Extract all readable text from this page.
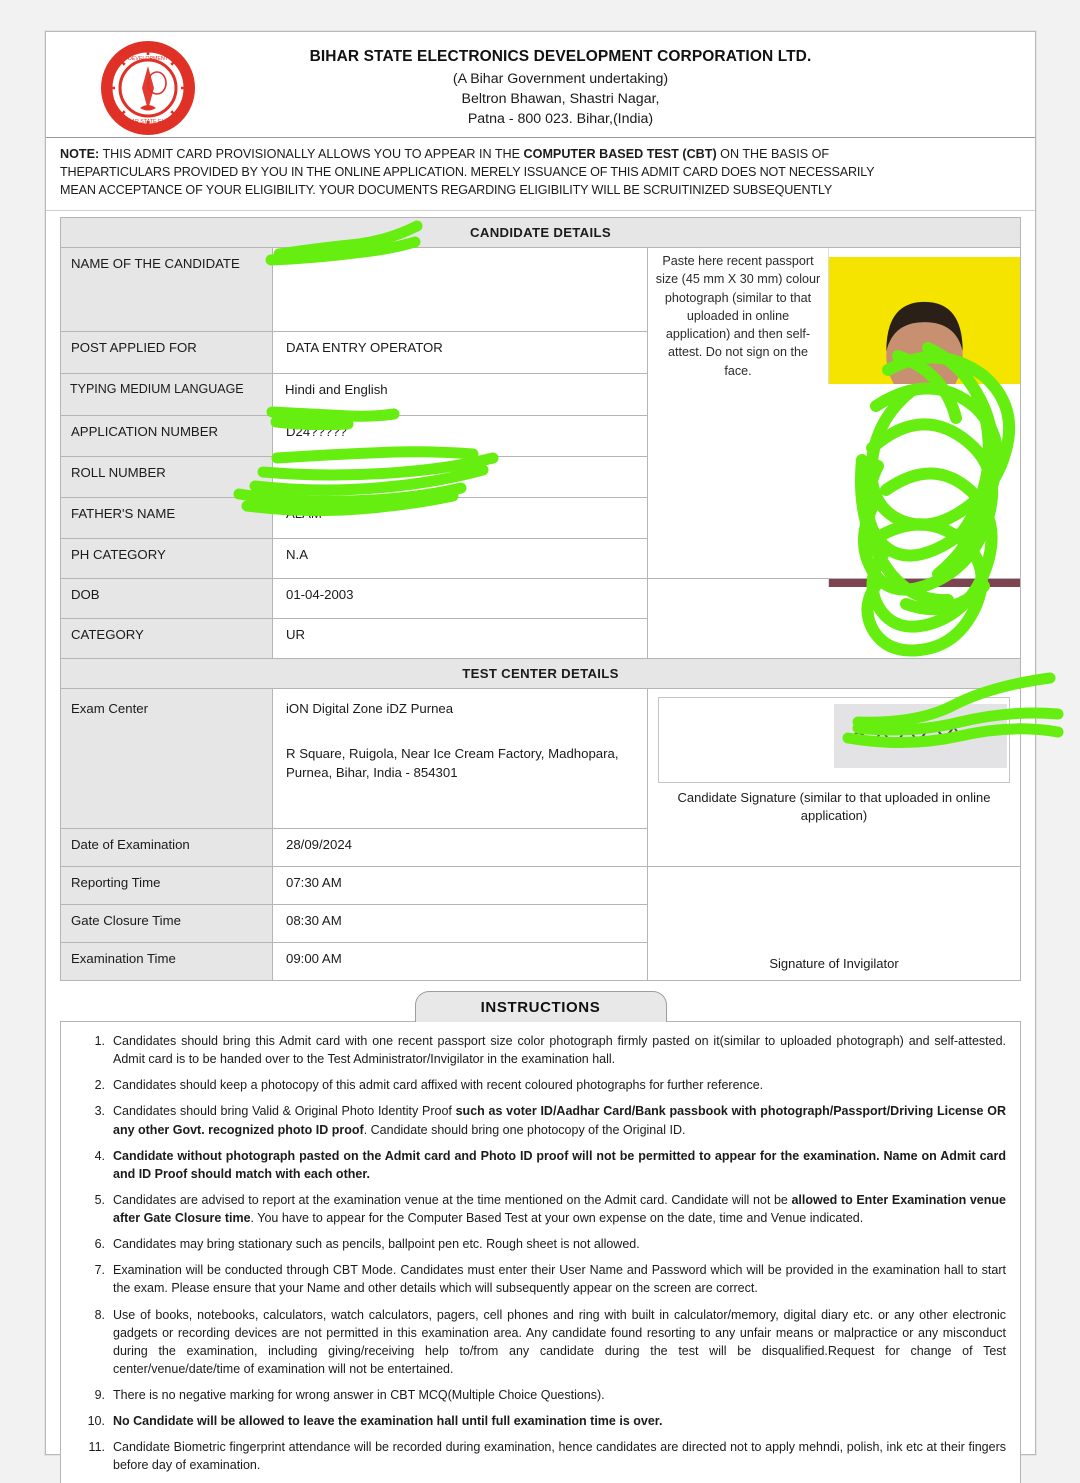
DEVELOPMENT
BIHAR STATE ELEC.
BIHAR STATE ELECTRONICS DEVELOPMENT CORPORATION LTD.
(A Bihar Government undertaking)
Beltron Bhawan, Shastri Nagar,
Patna - 800 023. Bihar,(India)
NOTE: THIS ADMIT CARD PROVISIONALLY ALLOWS YOU TO APPEAR IN THE COMPUTER BASED TEST (CBT) ON THE BASIS OF
THEPARTICULARS PROVIDED BY YOU IN THE ONLINE APPLICATION. MERELY ISSUANCE OF THIS ADMIT CARD DOES NOT NECESSARILY
MEAN ACCEPTANCE OF YOUR ELIGIBILITY. YOUR DOCUMENTS REGARDING ELIGIBILITY WILL BE SCRUITINIZED SUBSEQUENTLY
CANDIDATE DETAILS		
NAME OF THE CANDIDATE		Paste here recent passport size (45 mm X 30 mm) colour photograph (similar to that uploaded in online application) and then self-attest. Do not sign on the face.

POST APPLIED FOR	DATA ENTRY OPERATOR	
TYPING MEDIUM LANGUAGE	Hindi and English	
APPLICATION NUMBER	D24?????	
ROLL NUMBER		
FATHER'S NAME	ALAM	
PH CATEGORY	N.A	
DOB	01-04-2003	

CATEGORY	UR	
TEST CENTER DETAILS		
Exam Center	iON Digital Zone iDZ Purnea
R Square, Ruigola, Near Ice Cream Factory, Madhopara, Purnea, Bihar, India - 854301	Candidate Signature (similar to that uploaded in online application)

Date of Examination	28/09/2024	
Reporting Time	07:30 AM	Signature of Invigilator

Gate Closure Time	08:30 AM	
Examination Time	09:00 AM	
INSTRUCTIONS
1. Candidates should bring this Admit card with one recent passport size color photograph firmly pasted on it(similar to uploaded photograph) and self-attested. Admit card is to be handed over to the Test Administrator/Invigilator in the examination hall.
2. Candidates should keep a photocopy of this admit card affixed with recent coloured photographs for further reference.
3. Candidates should bring Valid & Original Photo Identity Proof such as voter ID/Aadhar Card/Bank passbook with photograph/Passport/Driving License OR any other Govt. recognized photo ID proof. Candidate should bring one photocopy of the Original ID.
4. Candidate without photograph pasted on the Admit card and Photo ID proof will not be permitted to appear for the examination. Name on Admit card and ID Proof should match with each other.
5. Candidates are advised to report at the examination venue at the time mentioned on the Admit card. Candidate will not be allowed to Enter Examination venue after Gate Closure time. You have to appear for the Computer Based Test at your own expense on the date, time and Venue indicated.
6. Candidates may bring stationary such as pencils, ballpoint pen etc. Rough sheet is not allowed.
7. Examination will be conducted through CBT Mode. Candidates must enter their User Name and Password which will be provided in the examination hall to start the exam. Please ensure that your Name and other details which will subsequently appear on the screen are correct.
8. Use of books, notebooks, calculators, watch calculators, pagers, cell phones and ring with built in calculator/memory, digital diary etc. or any other electronic gadgets or recording devices are not permitted in this examination area. Any candidate found resorting to any unfair means or malpractice or any misconduct during the examination, including giving/receiving help to/from any candidate during the test will be disqualified.Request for change of Test center/venue/date/time of examination will not be entertained.
9. There is no negative marking for wrong answer in CBT MCQ(Multiple Choice Questions).
10. No Candidate will be allowed to leave the examination hall until full examination time is over.
11. Candidate Biometric fingerprint attendance will be recorded during examination, hence candidates are directed not to apply mehndi, polish, ink etc at their fingers before day of examination.
